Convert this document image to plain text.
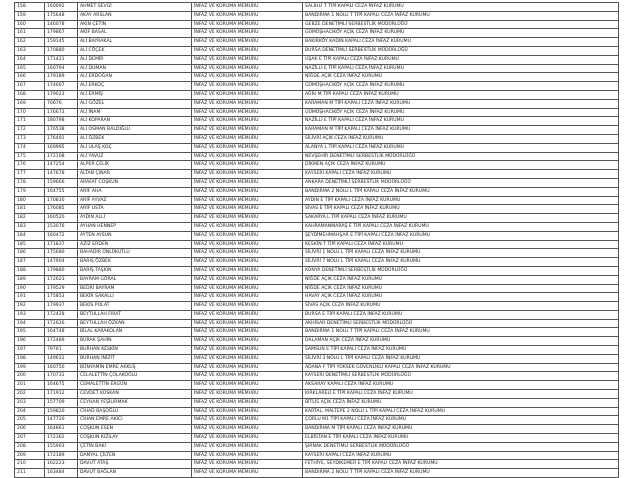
158	160092	AHMET SEVGİ	İNFAZ VE KORUMA MEMURU	SALİHLİ T TİPİ KAPALI CEZA İNFAZ KURUMU
159	175648	AKAY ARSLAN	İNFAZ VE KORUMA MEMURU	BANDIRMA 1 NOLU T TİPİ KAPALI CEZA İNFAZ KURUMU
160	146078	AKIN ÇETİN	İNFAZ VE KORUMA MEMURU	GEBZE DENETİMLİ SERBESTLİK MÜDÜRLÜĞÜ
161	179867	AKİF BASAL	İNFAZ VE KORUMA MEMURU	GÜMÜŞHACIKÖY AÇIK CEZA İNFAZ KURUMU
162	159145	ALİ BAYRAKAL	İNFAZ VE KORUMA MEMURU	BAKIRKÖY KADIN KAPALI CEZA İNFAZ KURUMU
163	170880	ALİ CÖÇEK	İNFAZ VE KORUMA MEMURU	BURSA DENETİMLİ SERBESTLİK MÜDÜRLÜĞÜ
164	171421	ALİ DEMİR	İNFAZ VE KORUMA MEMURU	UŞAK E TİPİ KAPALI CEZA İNFAZ KURUMU
165	160794	ALİ DUMAN	İNFAZ VE KORUMA MEMURU	NAZİLLİ E TİPİ KAPALI CEZA İNFAZ KURUMU
166	179189	ALİ ERDOĞAN	İNFAZ VE KORUMA MEMURU	NİĞDE AÇIK CEZA İNFAZ KURUMU
167	174667	ALİ ERKOÇ	İNFAZ VE KORUMA MEMURU	GÜMÜŞHACIKÖY AÇIK CEZA İNFAZ KURUMU
168	179023	ALİ ERMİŞ	İNFAZ VE KORUMA MEMURU	AĞRI M TİPİ KAPALI CEZA İNFAZ KURUMU
169	70676	ALİ GÖZEL	İNFAZ VE KORUMA MEMURU	KARAMAN M TİPİ KAPALI CEZA İNFAZ KURUMU
170	176673	ALİ İNAM	İNFAZ VE KORUMA MEMURU	GÜMÜŞHACIKÖY AÇIK CEZA İNFAZ KURUMU
171	180798	ALİ KOPARAN	İNFAZ VE KORUMA MEMURU	NAZİLLİ E TİPİ KAPALI CEZA İNFAZ KURUMU
172	176538	ALİ OSMAN BALDIĞLU	İNFAZ VE KORUMA MEMURU	KARAMAN M TİPİ KAPALI CEZA İNFAZ KURUMU
173	176491	ALİ ÖZBEK	İNFAZ VE KORUMA MEMURU	SİLİVRİ AÇIK CEZA İNFAZ KURUMU
174	169995	ALİ ULAŞ KOÇ	İNFAZ VE KORUMA MEMURU	ALANYA L TİPİ KAPALI CEZA İNFAZ KURUMU
175	172108	ALİ YAVUZ	İNFAZ VE KORUMA MEMURU	NEVŞEHİR DENETİMLİ SERBESTLİK MÜDÜRLÜĞÜ
176	147254	ALPER ÇELİK	İNFAZ VE KORUMA MEMURU	DİKMEN AÇIK CEZA İNFAZ KURUMU
177	147678	ALTAN ÇINAR	İNFAZ VE KORUMA MEMURU	KAYSERİ KAPALI CEZA İNFAZ KURUMU
178	159666	ARAFAT COŞKUN	İNFAZ VE KORUMA MEMURU	ANKARA DENETİMLİ SERBESTLİK MÜDÜRLÜĞÜ
179	164755	ARİF AHA	İNFAZ VE KORUMA MEMURU	BANDIRMA 2 NOLU L TİPİ KAPALI CEZA İNFAZ KURUMU
180	170830	ARİF AYVAZ	İNFAZ VE KORUMA MEMURU	AYDIN E TİPİ KAPALI CEZA İNFAZ KURUMU
181	176085	ARİF USTA	İNFAZ VE KORUMA MEMURU	SİVAS E TİPİ KAPALI CEZA İNFAZ KURUMU
182	160520	AYDIN ALLİ	İNFAZ VE KORUMA MEMURU	SAKARYA L TİPİ KAPALI CEZA İNFAZ KURUMU
183	153076	AYHAN HENNEP	İNFAZ VE KORUMA MEMURU	KAHRAMANMARAŞ E TİPİ KAPALI CEZA İNFAZ KURUMU
184	160472	AYTEN AYSUN	İNFAZ VE KORUMA MEMURU	ŞEYDİMEHMAHŞAR E TİPİ KAPALI CEZA İNFAZ KURUMU
185	171837	AZİZ ERDEN	İNFAZ VE KORUMA MEMURU	KESKİN T TİPİ KAPALI CEZA İNFAZ KURUMU
186	175680	BAHADIR ÜNLÜKUTLU	İNFAZ VE KORUMA MEMURU	SİLİVRİ 1 NOLU L TİPİ KAPALI CEZA İNFAZ KURUMU
187	147904	BARIŞ ÖZBEK	İNFAZ VE KORUMA MEMURU	SİLİVRİ 7 NOLU L TİPİ KAPALI CEZA İNFAZ KURUMU
188	179880	BARIŞ TAŞKIN	İNFAZ VE KORUMA MEMURU	KONYA DENETİMLİ SERBESTLİK MÜDÜRLÜĞÜ
189	172623	BAYRAM GÖRAL	İNFAZ VE KORUMA MEMURU	NİĞDE AÇIK CEZA İNFAZ KURUMU
190	179529	BEDRİ BAYRAM	İNFAZ VE KORUMA MEMURU	NİĞDE AÇIK CEZA İNFAZ KURUMU
191	175853	BEKİR SAKALLI	İNFAZ VE KORUMA MEMURU	HAVAY AÇIK CEZA İNFAZ KURUMU
192	179937	BEKİS POLAT	İNFAZ VE KORUMA MEMURU	SİVAS AÇIK CEZA İNFAZ KURUMU
193	172428	BEYTULLAH FIRAT	İNFAZ VE KORUMA MEMURU	BURSA E TİPİ KAPALI CEZA İNFAZ KURUMU
194	172626	BEYTULLAH ÖZKAN	İNFAZ VE KORUMA MEMURU	AKHİSAR DENETİMLİ SERBESTLİK MÜDÜRLÜĞÜ
195	164748	BİLAL KARAKOLAN	İNFAZ VE KORUMA MEMURU	BANDIRMA 1 NOLU T TİPİ KAPALI CEZA İNFAZ KURUMU
196	172489	BURAK ŞAHİN	İNFAZ VE KORUMA MEMURU	DALAMAN AÇIK CEZA İNFAZ KURUMU
197	79761	BURHAN KESKİN	İNFAZ VE KORUMA MEMURU	SAMSUN E TİPİ KAPALI CEZA İNFAZ KURUMU
198	149631	BURHAN İNİZİT	İNFAZ VE KORUMA MEMURU	SİLİVRİ 3 NOLU L TİPİ KAPALI CEZA İNFAZ KURUMU
199	160750	BÜNYAMİN EMRE AKKUŞ	İNFAZ VE KORUMA MEMURU	ADANA F TİPİ YÜKSEK GÜVENLİKLİ KAPALI CEZA İNFAZ KURUMU
200	170731	CELALETTİN ÇOLAKOĞLU	İNFAZ VE KORUMA MEMURU	KAYSERİ DENETİMLİ SERBESTLİK MÜDÜRLÜĞÜ
201	164675	CEMALETTİN ERGÜN	İNFAZ VE KORUMA MEMURU	AKSARAY KAPALI CEZA İNFAZ KURUMU
202	171912	CEVDET KOSKAN	İNFAZ VE KORUMA MEMURU	KIRKLARELİ E TİPİ KAPALI CEZA İNFAZ KURUMU
203	157709	CEYHAN YEŞİLIRMAK	İNFAZ VE KORUMA MEMURU	BİTLİS AÇIK CEZA İNFAZ KURUMU
204	159820	CİHAD BAŞOĞLU	İNFAZ VE KORUMA MEMURU	KARTAL, MALTEPE 2 NOLU L TİPİ KAPALI CEZA İNFAZ KURUMU
205	147720	CİHAN EMRE AKICI	İNFAZ VE KORUMA MEMURU	ÇORLU M1 TİPİ KAPALI CEZA İNFAZ KURUMU
206	164861	COŞKUN ESEN	İNFAZ VE KORUMA MEMURU	BANDIRMA M TİPİ KAPALI CEZA İNFAZ KURUMU
207	172362	COŞKUN KIZILAY	İNFAZ VE KORUMA MEMURU	ELBİSTAN E TİPİ KAPALI CEZA İNFAZ KURUMU
208	155903	ÇETİN BAKİ	İNFAZ VE KORUMA MEMURU	ŞIRNAK DENETİMLİ SERBESTLİK MÜDÜRLÜĞÜ
209	172189	DANYAL ÇİLTEN	İNFAZ VE KORUMA MEMURU	KAYSERİ KAPALI CEZA İNFAZ KURUMU
210	162223	DAVUT ATAŞ	İNFAZ VE KORUMA MEMURU	FETHİYE, SEYDİKEMER E TİPİ KAPALI CEZA İNFAZ KURUMU
211	163484	DAVUT BAĞLAN	İNFAZ VE KORUMA MEMURU	BANDIRMA 2 NOLU T TİPİ KAPALI CEZA İNFAZ KURUMU
